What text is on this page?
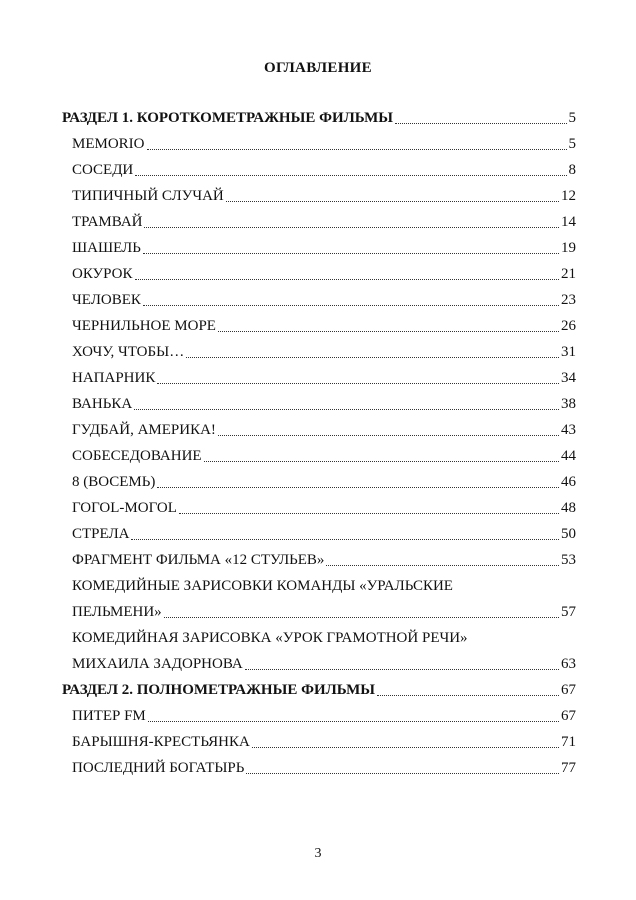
ОГЛАВЛЕНИЕ
РАЗДЕЛ 1. КОРОТКОМЕТРАЖНЫЕ ФИЛЬМЫ	5
MEMORIO	5
СОСЕДИ	8
ТИПИЧНЫЙ СЛУЧАЙ	12
ТРАМВАЙ	14
ШАШЕЛЬ	19
ОКУРОК	21
ЧЕЛОВЕК	23
ЧЕРНИЛЬНОЕ МОРЕ	26
ХОЧУ, ЧТОБЫ…	31
НАПАРНИК	34
ВАНЬКА	38
ГУДБАЙ, АМЕРИКА!	43
СОБЕСЕДОВАНИЕ	44
8 (ВОСЕМЬ)	46
ГОГОL-MOГОL	48
СТРЕЛА	50
ФРАГМЕНТ ФИЛЬМА «12 СТУЛЬЕВ»	53
КОМЕДИЙНЫЕ ЗАРИСОВКИ КОМАНДЫ «УРАЛЬСКИЕ
ПЕЛЬМЕНИ»	57
КОМЕДИЙНАЯ ЗАРИСОВКА «УРОК ГРАМОТНОЙ РЕЧИ»
МИХАИЛА ЗАДОРНОВА	63
РАЗДЕЛ 2. ПОЛНОМЕТРАЖНЫЕ ФИЛЬМЫ	67
ПИТЕР FM	67
БАРЫШНЯ-КРЕСТЬЯНКА	71
ПОСЛЕДНИЙ БОГАТЫРЬ	77
3
